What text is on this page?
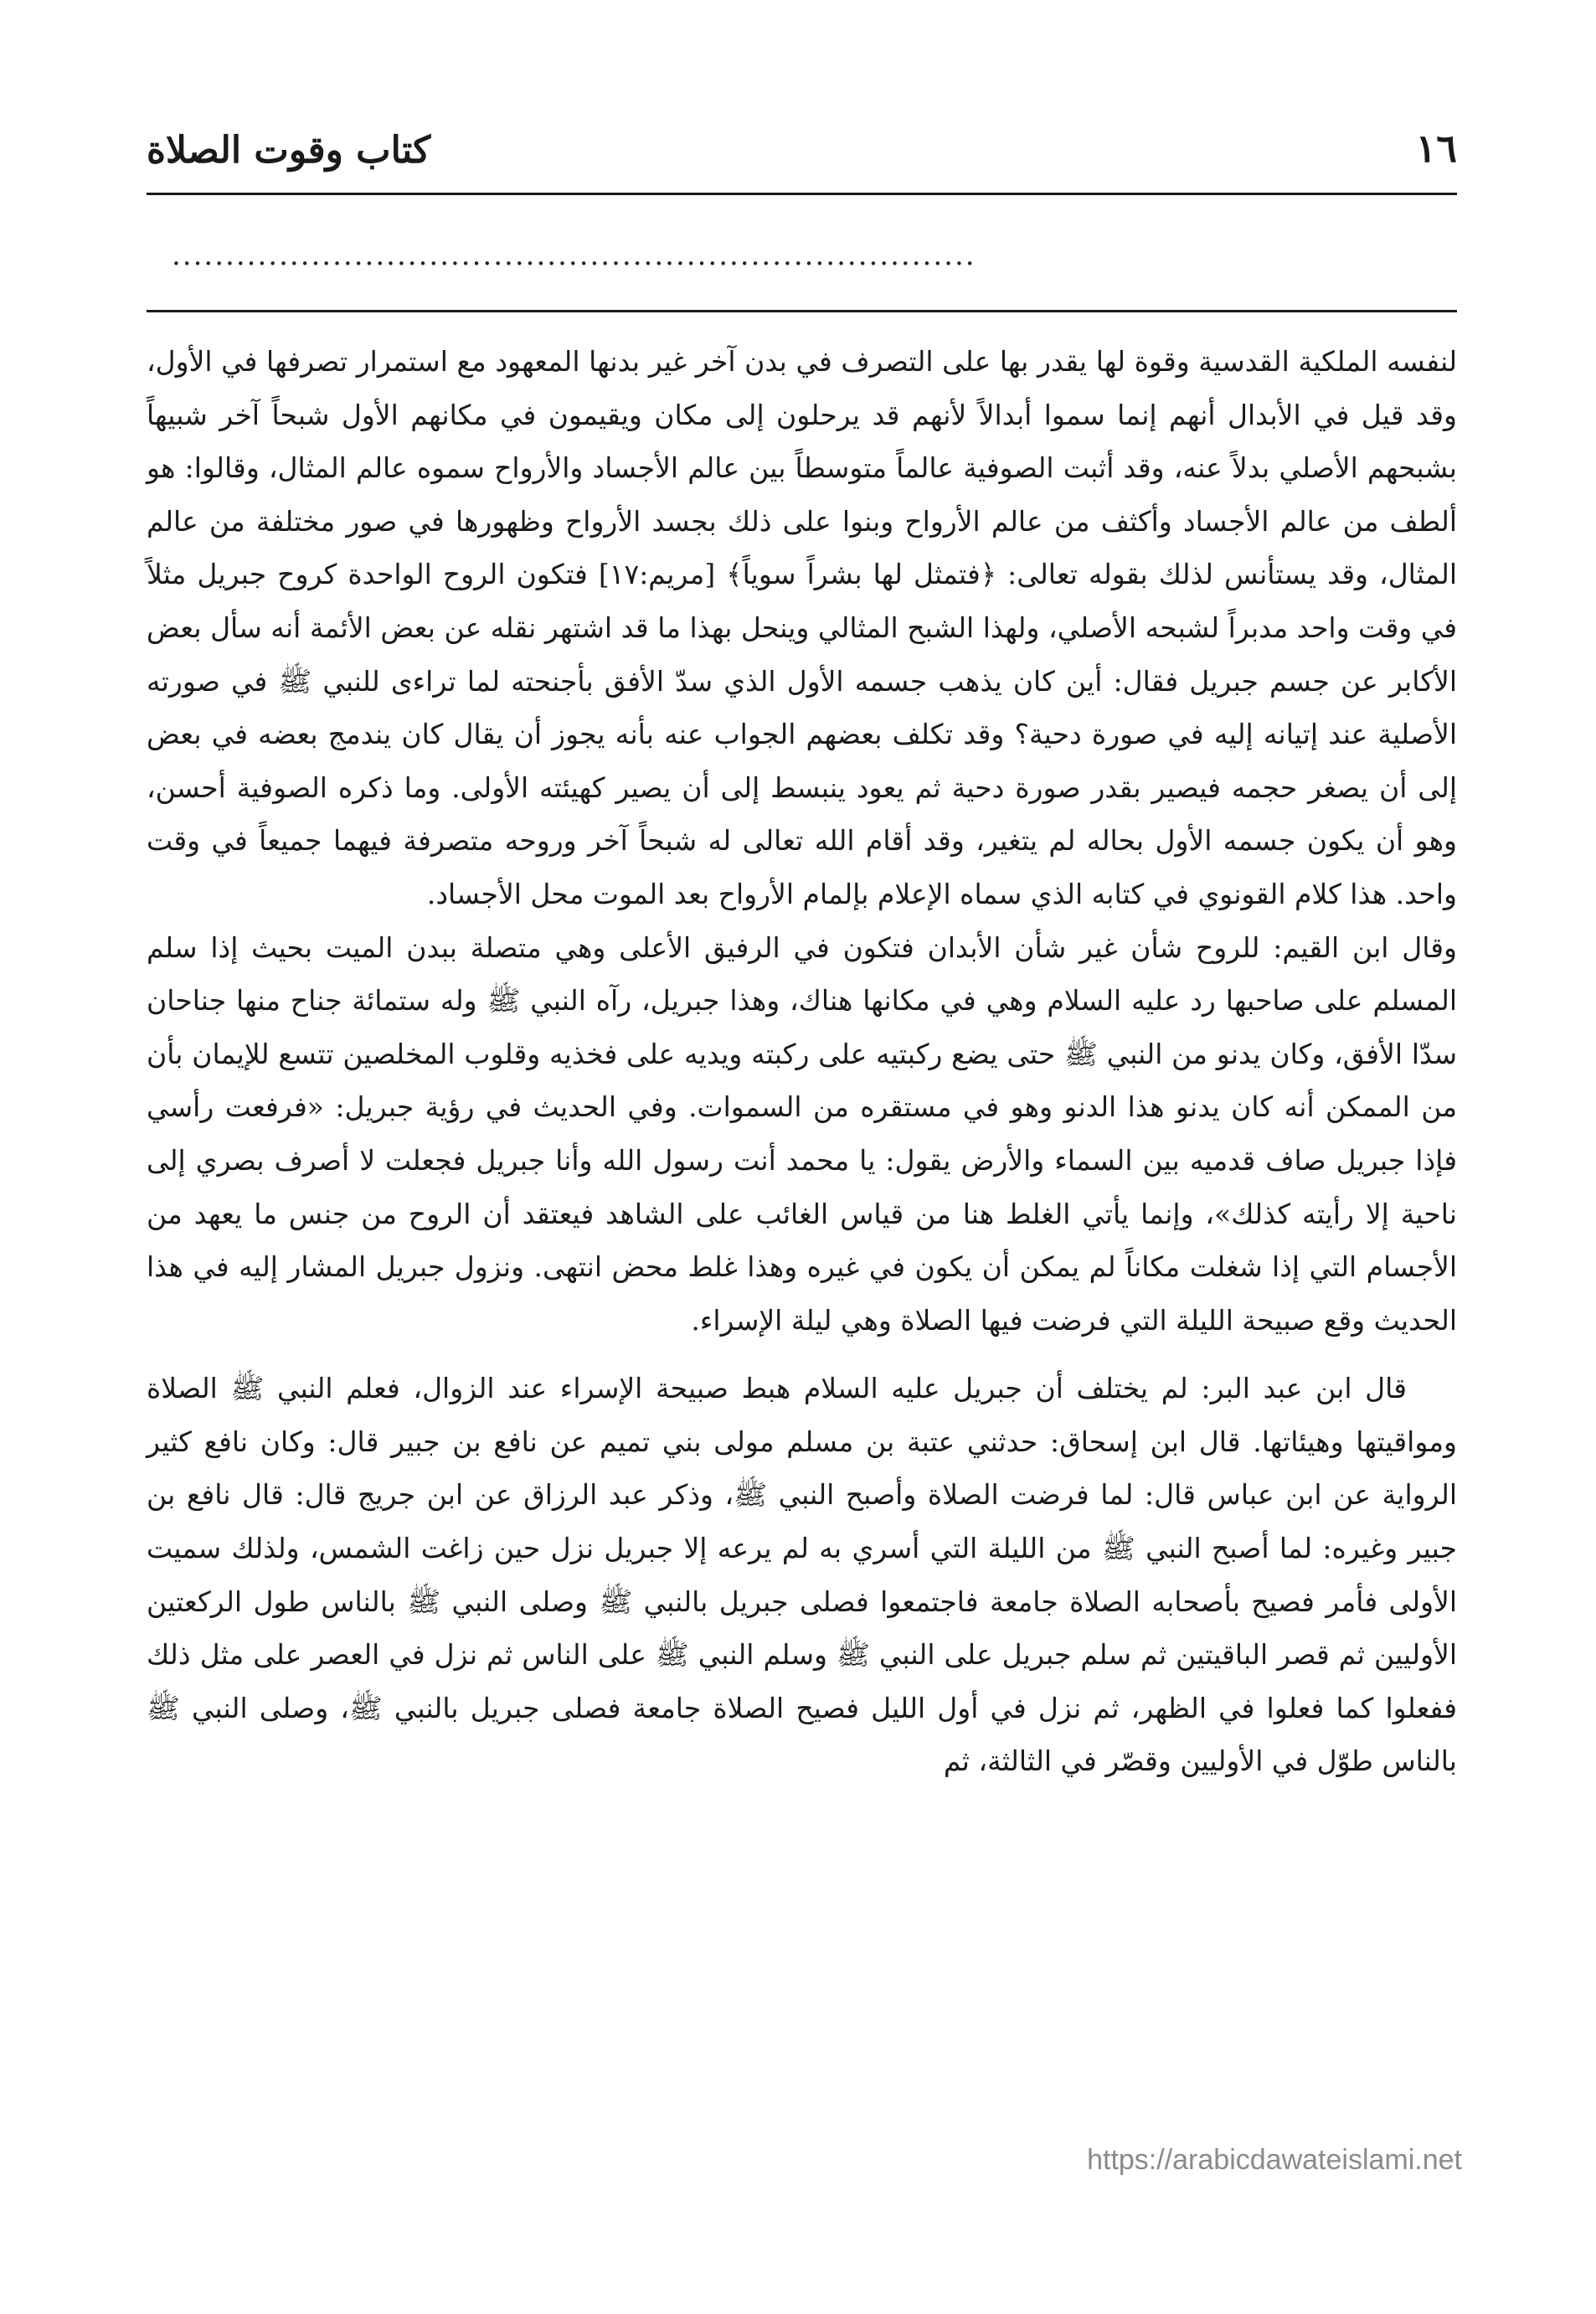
١٦
كتاب وقوت الصلاة
...........................................................................

لنفسه الملكية القدسية وقوة لها يقدر بها على التصرف في بدن آخر غير بدنها المعهود مع استمرار تصرفها في الأول، وقد قيل في الأبدال أنهم إنما سموا أبدالاً لأنهم قد يرحلون إلى مكان ويقيمون في مكانهم الأول شبحاً آخر شبيهاً بشبحهم الأصلي بدلاً عنه، وقد أثبت الصوفية عالماً متوسطاً بين عالم الأجساد والأرواح سموه عالم المثال، وقالوا: هو ألطف من عالم الأجساد وأكثف من عالم الأرواح وبنوا على ذلك بجسد الأرواح وظهورها في صور مختلفة من عالم المثال، وقد يستأنس لذلك بقوله تعالى: ﴿فتمثل لها بشراً سوياً﴾ [مريم:١٧] فتكون الروح الواحدة كروح جبريل مثلاً في وقت واحد مدبراً لشبحه الأصلي، ولهذا الشبح المثالي وينحل بهذا ما قد اشتهر نقله عن بعض الأئمة أنه سأل بعض الأكابر عن جسم جبريل فقال: أين كان يذهب جسمه الأول الذي سدّ الأفق بأجنحته لما تراءى للنبي ﷺ في صورته الأصلية عند إتيانه إليه في صورة دحية؟ وقد تكلف بعضهم الجواب عنه بأنه يجوز أن يقال كان يندمج بعضه في بعض إلى أن يصغر حجمه فيصير بقدر صورة دحية ثم يعود ينبسط إلى أن يصير كهيئته الأولى. وما ذكره الصوفية أحسن، وهو أن يكون جسمه الأول بحاله لم يتغير، وقد أقام الله تعالى له شبحاً آخر وروحه متصرفة فيهما جميعاً في وقت واحد. هذا كلام القونوي في كتابه الذي سماه الإعلام بإلمام الأرواح بعد الموت محل الأجساد.

وقال ابن القيم: للروح شأن غير شأن الأبدان فتكون في الرفيق الأعلى وهي متصلة ببدن الميت بحيث إذا سلم المسلم على صاحبها رد عليه السلام وهي في مكانها هناك، وهذا جبريل، رآه النبي ﷺ وله ستمائة جناح منها جناحان سدّا الأفق، وكان يدنو من النبي ﷺ حتى يضع ركبتيه على ركبته ويديه على فخذيه وقلوب المخلصين تتسع للإيمان بأن من الممكن أنه كان يدنو هذا الدنو وهو في مستقره من السموات. وفي الحديث في رؤية جبريل: «فرفعت رأسي فإذا جبريل صاف قدميه بين السماء والأرض يقول: يا محمد أنت رسول الله وأنا جبريل فجعلت لا أصرف بصري إلى ناحية إلا رأيته كذلك»، وإنما يأتي الغلط هنا من قياس الغائب على الشاهد فيعتقد أن الروح من جنس ما يعهد من الأجسام التي إذا شغلت مكاناً لم يمكن أن يكون في غيره وهذا غلط محض انتهى. ونزول جبريل المشار إليه في هذا الحديث وقع صبيحة الليلة التي فرضت فيها الصلاة وهي ليلة الإسراء.

قال ابن عبد البر: لم يختلف أن جبريل عليه السلام هبط صبيحة الإسراء عند الزوال، فعلم النبي ﷺ الصلاة ومواقيتها وهيئاتها. قال ابن إسحاق: حدثني عتبة بن مسلم مولى بني تميم عن نافع بن جبير قال: وكان نافع كثير الرواية عن ابن عباس قال: لما فرضت الصلاة وأصبح النبي ﷺ، وذكر عبد الرزاق عن ابن جريج قال: قال نافع بن جبير وغيره: لما أصبح النبي ﷺ من الليلة التي أسري به لم يرعه إلا جبريل نزل حين زاغت الشمس، ولذلك سميت الأولى فأمر فصيح بأصحابه الصلاة جامعة فاجتمعوا فصلى جبريل بالنبي ﷺ وصلى النبي ﷺ بالناس طول الركعتين الأوليين ثم قصر الباقيتين ثم سلم جبريل على النبي ﷺ وسلم النبي ﷺ على الناس ثم نزل في العصر على مثل ذلك ففعلوا كما فعلوا في الظهر، ثم نزل في أول الليل فصيح الصلاة جامعة فصلى جبريل بالنبي ﷺ، وصلى النبي ﷺ بالناس طوّل في الأوليين وقصّر في الثالثة، ثم

https://arabicdawateislami.net
